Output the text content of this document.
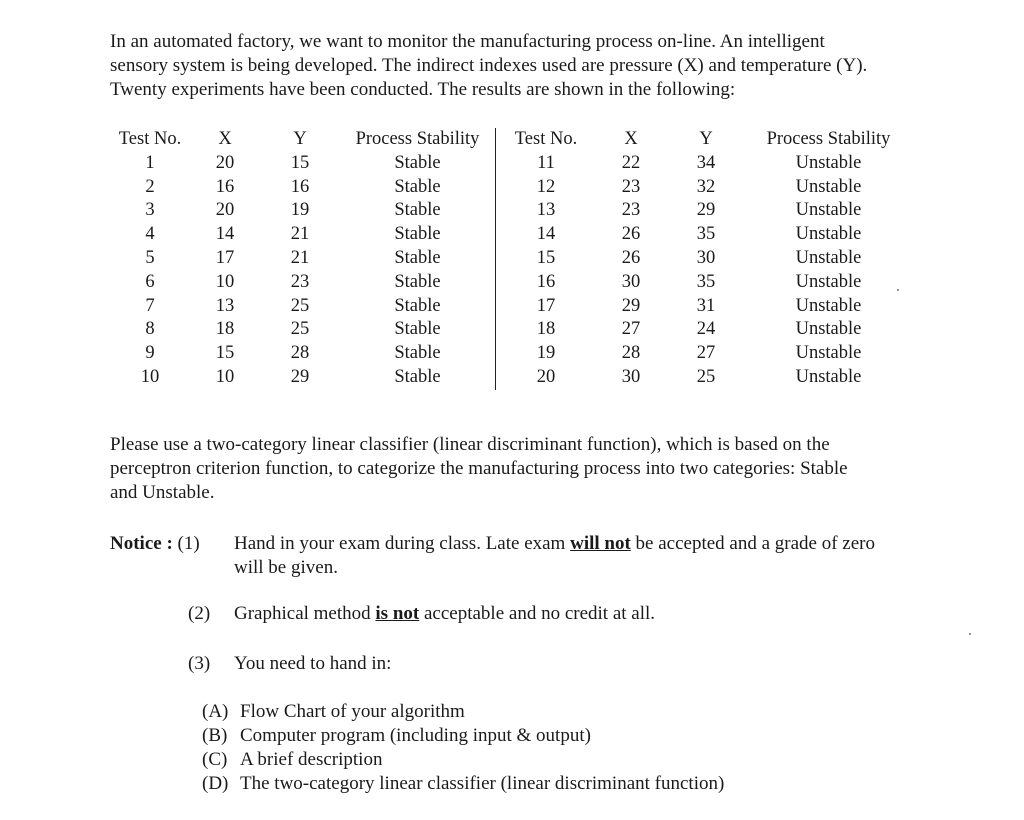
In an automated factory, we want to monitor the manufacturing process on-line. An intelligent

sensory system is being developed. The indirect indexes used are pressure (X) and temperature (Y).

Twenty experiments have been conducted. The results are shown in the following:

Test No.	X	Y	Process Stability	Test No.	X	Y	Process Stability
1	20	15	Stable	11	22	34	Unstable
2	16	16	Stable	12	23	32	Unstable
3	20	19	Stable	13	23	29	Unstable
4	14	21	Stable	14	26	35	Unstable
5	17	21	Stable	15	26	30	Unstable
6	10	23	Stable	16	30	35	Unstable
7	13	25	Stable	17	29	31	Unstable
8	18	25	Stable	18	27	24	Unstable
9	15	28	Stable	19	28	27	Unstable
10	10	29	Stable	20	30	25	Unstable

Please use a two-category linear classifier (linear discriminant function), which is based on the

perceptron criterion function, to categorize the manufacturing process into two categories: Stable

and Unstable.

Notice : (1)	Hand in your exam during class. Late exam will not be accepted and a grade of zero
will be given.
(2) Graphical method is not acceptable and no credit at all.
(3) You need to hand in:
(A) Flow Chart of your algorithm
(B) Computer program (including input & output)
(C) A brief description
(D) The two-category linear classifier (linear discriminant function)
